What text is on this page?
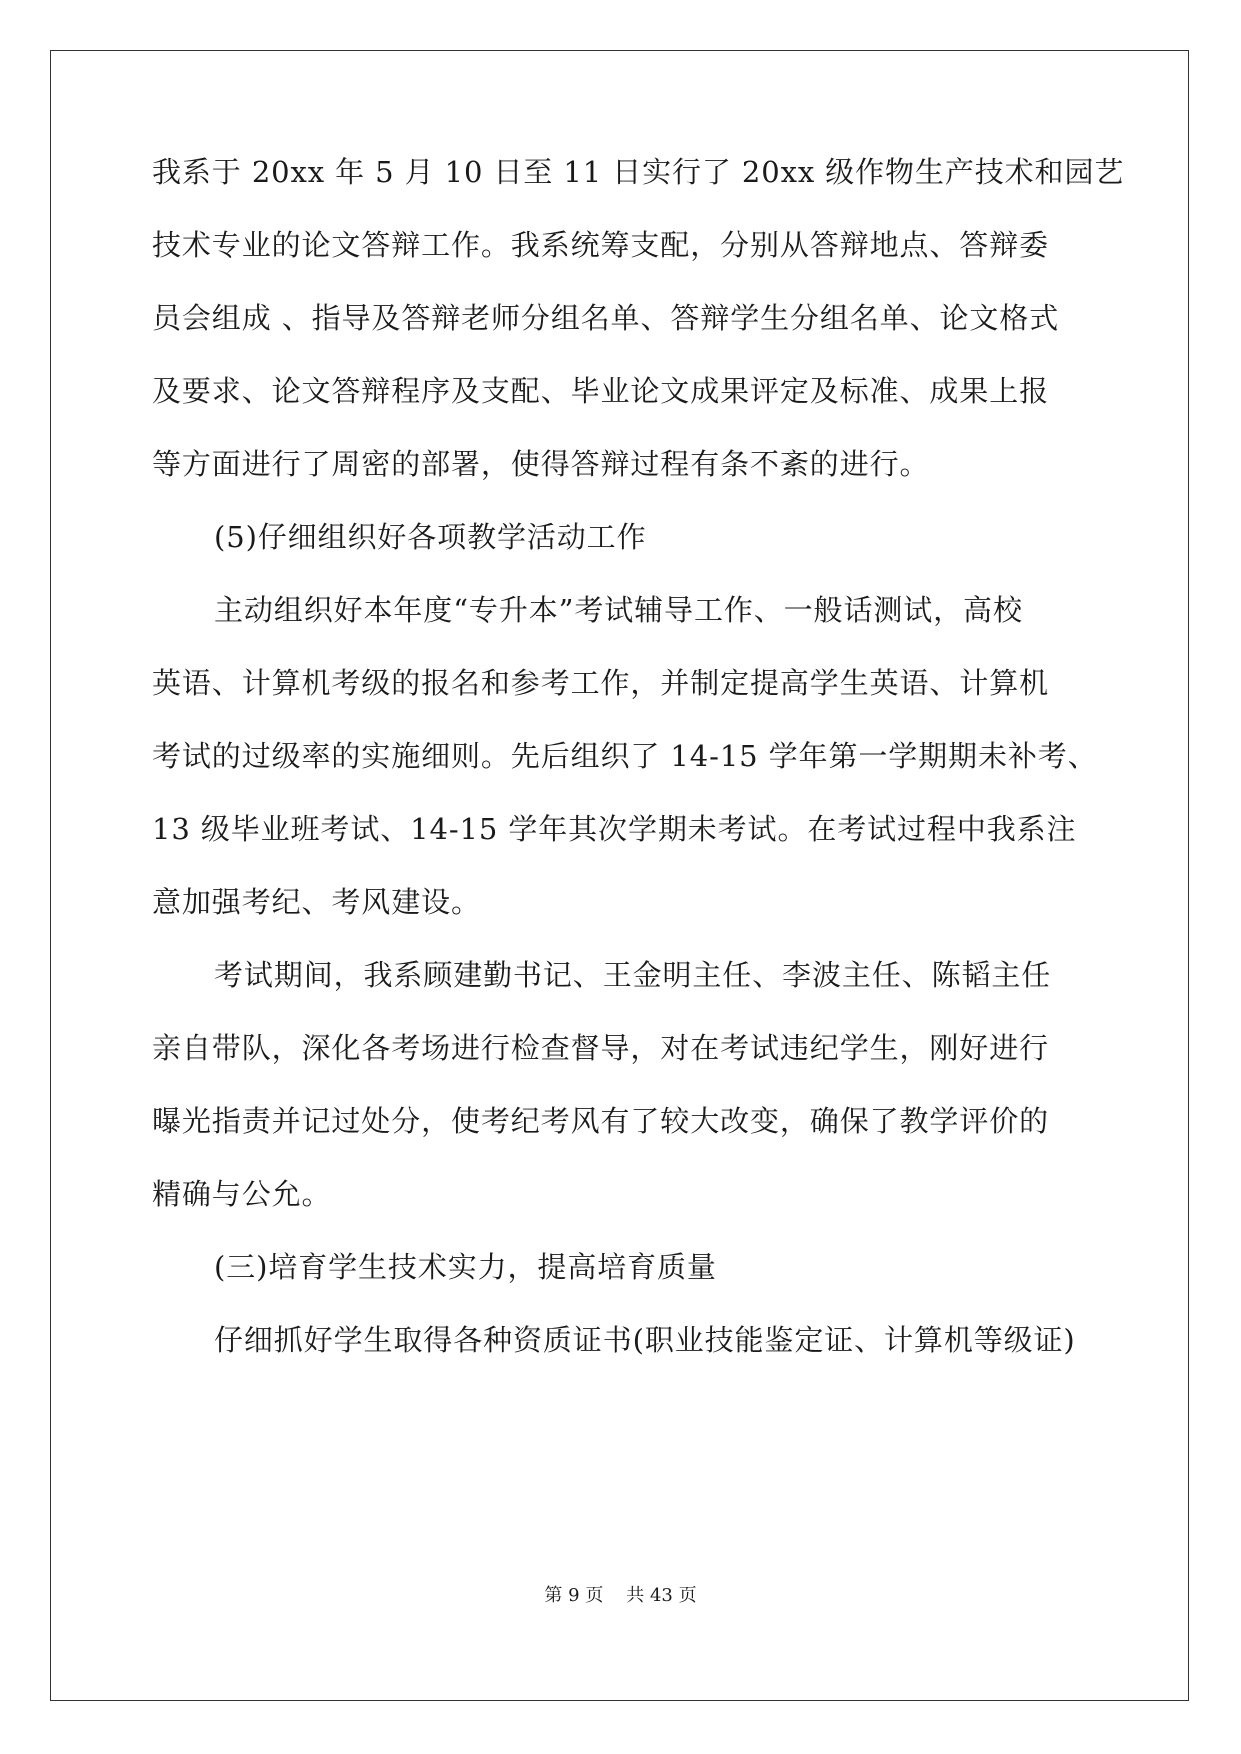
我系于 20xx 年 5 月 10 日至 11 日实行了 20xx 级作物生产技术和园艺
技术专业的论文答辩工作。我系统筹支配，分别从答辩地点、答辩委
员会组成 、指导及答辩老师分组名单、答辩学生分组名单、论文格式
及要求、论文答辩程序及支配、毕业论文成果评定及标准、成果上报
等方面进行了周密的部署，使得答辩过程有条不紊的进行。
(5)仔细组织好各项教学活动工作
主动组织好本年度“专升本”考试辅导工作、一般话测试，高校
英语、计算机考级的报名和参考工作，并制定提高学生英语、计算机
考试的过级率的实施细则。先后组织了 14-15 学年第一学期期未补考、
13 级毕业班考试、14-15 学年其次学期未考试。在考试过程中我系注
意加强考纪、考风建设。
考试期间，我系顾建勤书记、王金明主任、李波主任、陈韬主任
亲自带队，深化各考场进行检查督导，对在考试违纪学生，刚好进行
曝光指责并记过处分，使考纪考风有了较大改变，确保了教学评价的
精确与公允。
(三)培育学生技术实力，提高培育质量
仔细抓好学生取得各种资质证书(职业技能鉴定证、计算机等级证)
第 9 页 共 43 页
